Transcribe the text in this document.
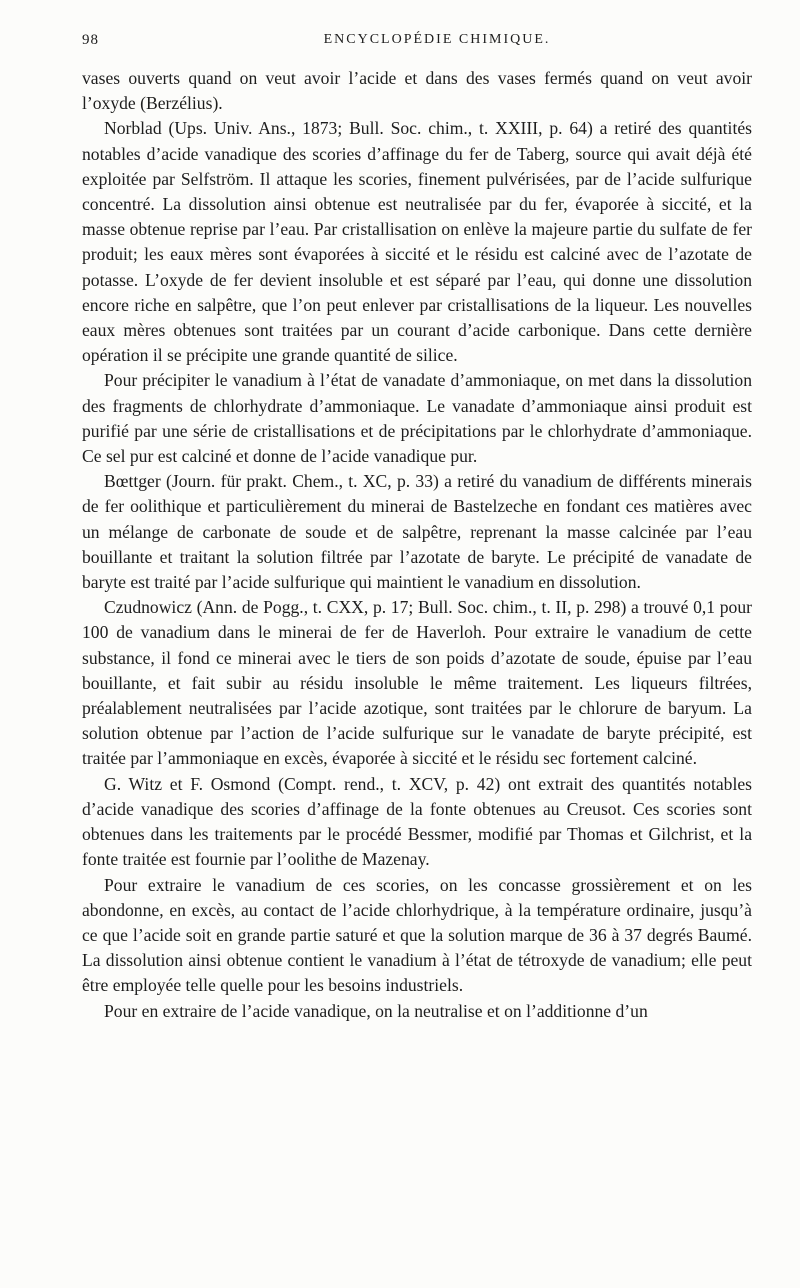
98	ENCYCLOPÉDIE CHIMIQUE.

vases ouverts quand on veut avoir l’acide et dans des vases fermés quand on veut avoir l’oxyde (Berzélius).

Norblad (Ups. Univ. Ans., 1873; Bull. Soc. chim., t. XXIII, p. 64) a retiré des quantités notables d’acide vanadique des scories d’affinage du fer de Taberg, source qui avait déjà été exploitée par Selfström. Il attaque les scories, finement pulvérisées, par de l’acide sulfurique concentré. La dissolution ainsi obtenue est neutralisée par du fer, évaporée à siccité, et la masse obtenue reprise par l’eau. Par cristallisation on enlève la majeure partie du sulfate de fer produit; les eaux mères sont évaporées à siccité et le résidu est calciné avec de l’azotate de potasse. L’oxyde de fer devient insoluble et est séparé par l’eau, qui donne une dissolution encore riche en salpêtre, que l’on peut enlever par cristallisations de la liqueur. Les nouvelles eaux mères obtenues sont traitées par un courant d’acide carbonique. Dans cette dernière opération il se précipite une grande quantité de silice.

Pour précipiter le vanadium à l’état de vanadate d’ammoniaque, on met dans la dissolution des fragments de chlorhydrate d’ammoniaque. Le vanadate d’ammoniaque ainsi produit est purifié par une série de cristallisations et de précipitations par le chlorhydrate d’ammoniaque. Ce sel pur est calciné et donne de l’acide vanadique pur.

Bœttger (Journ. für prakt. Chem., t. XC, p. 33) a retiré du vanadium de différents minerais de fer oolithique et particulièrement du minerai de Bastelzeche en fondant ces matières avec un mélange de carbonate de soude et de salpêtre, reprenant la masse calcinée par l’eau bouillante et traitant la solution filtrée par l’azotate de baryte. Le précipité de vanadate de baryte est traité par l’acide sulfurique qui maintient le vanadium en dissolution.

Czudnowicz (Ann. de Pogg., t. CXX, p. 17; Bull. Soc. chim., t. II, p. 298) a trouvé 0,1 pour 100 de vanadium dans le minerai de fer de Haverloh. Pour extraire le vanadium de cette substance, il fond ce minerai avec le tiers de son poids d’azotate de soude, épuise par l’eau bouillante, et fait subir au résidu insoluble le même traitement. Les liqueurs filtrées, préalablement neutralisées par l’acide azotique, sont traitées par le chlorure de baryum. La solution obtenue par l’action de l’acide sulfurique sur le vanadate de baryte précipité, est traitée par l’ammoniaque en excès, évaporée à siccité et le résidu sec fortement calciné.

G. Witz et F. Osmond (Compt. rend., t. XCV, p. 42) ont extrait des quantités notables d’acide vanadique des scories d’affinage de la fonte obtenues au Creusot. Ces scories sont obtenues dans les traitements par le procédé Bessmer, modifié par Thomas et Gilchrist, et la fonte traitée est fournie par l’oolithe de Mazenay.

Pour extraire le vanadium de ces scories, on les concasse grossièrement et on les abondonne, en excès, au contact de l’acide chlorhydrique, à la température ordinaire, jusqu’à ce que l’acide soit en grande partie saturé et que la solution marque de 36 à 37 degrés Baumé. La dissolution ainsi obtenue contient le vanadium à l’état de tétroxyde de vanadium; elle peut être employée telle quelle pour les besoins industriels.

Pour en extraire de l’acide vanadique, on la neutralise et on l’additionne d’un
